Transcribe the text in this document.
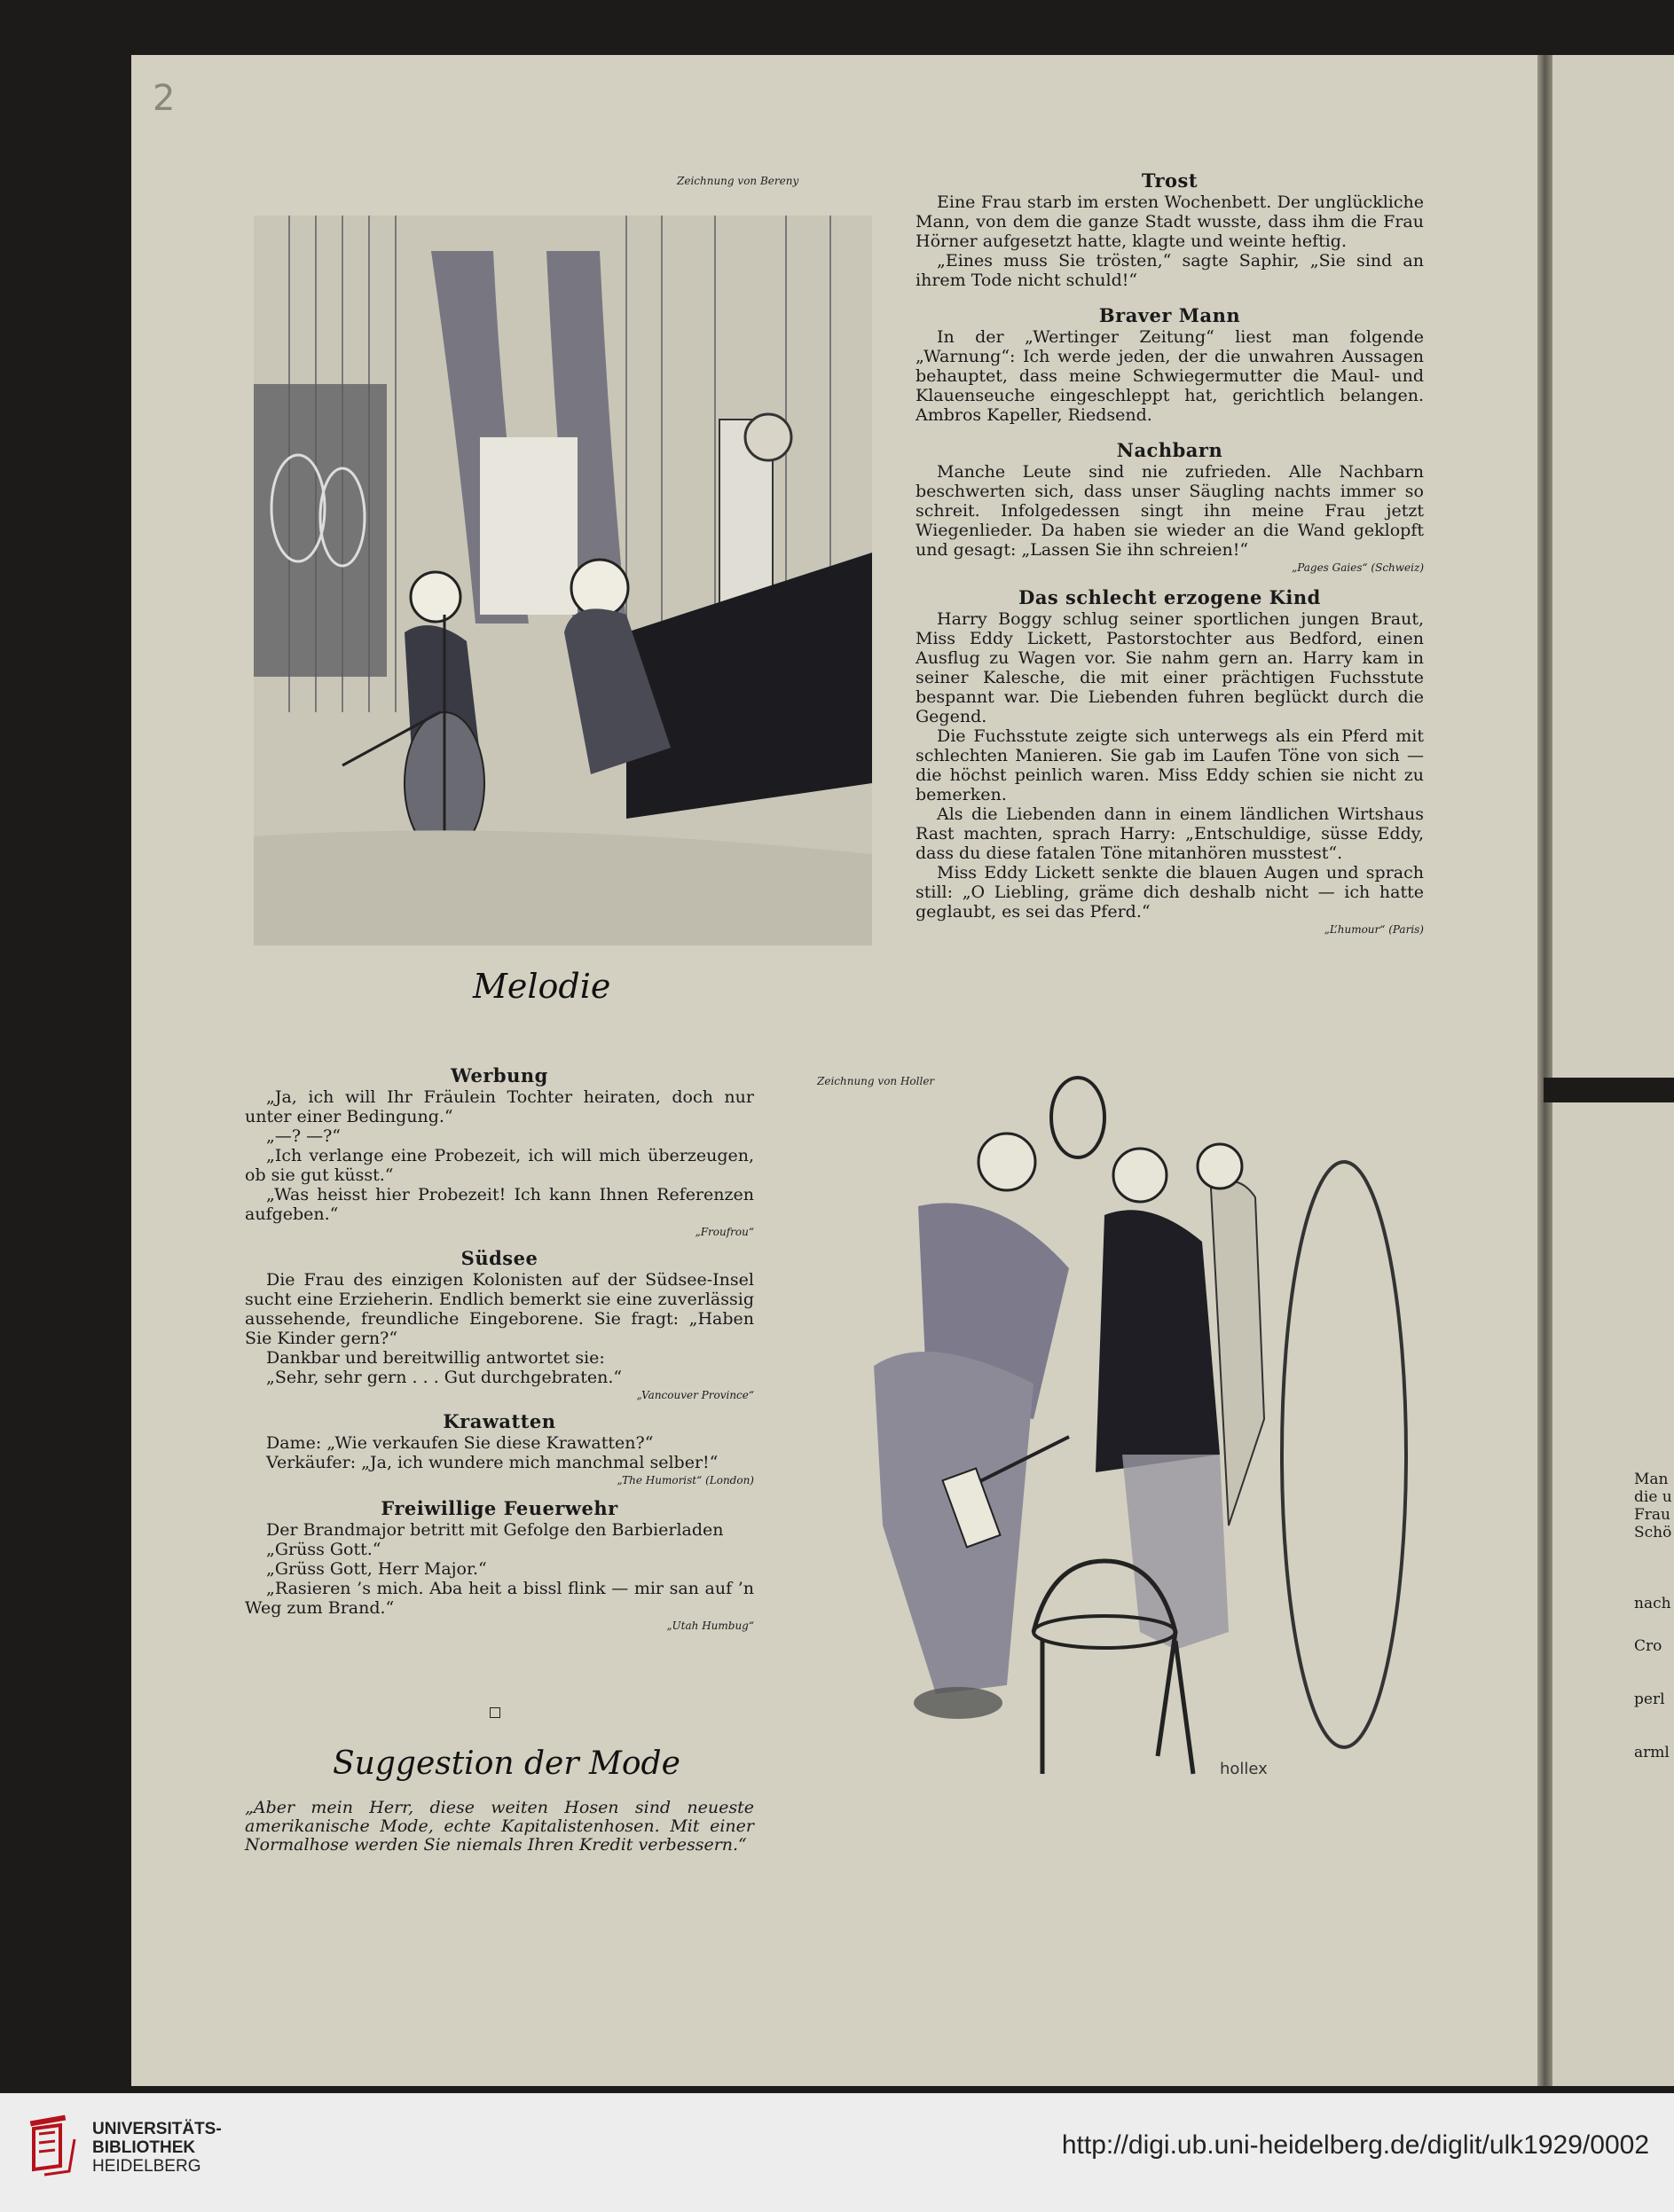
Man
die u
Frau
Schö
nach
Cro
perl
arml
2
Zeichnung von Bereny
Melodie
Trost

Eine Frau starb im ersten Wochenbett. Der unglückliche Mann, von dem die ganze Stadt wusste, dass ihm die Frau Hörner aufgesetzt hatte, klagte und weinte heftig.

„Eines muss Sie trösten,“ sagte Saphir, „Sie sind an ihrem Tode nicht schuld!“

Braver Mann

In der „Wertinger Zeitung“ liest man folgende „Warnung“: Ich werde jeden, der die unwahren Aussagen behauptet, dass meine Schwiegermutter die Maul- und Klauenseuche eingeschleppt hat, gerichtlich belangen. Ambros Kapeller, Riedsend.

Nachbarn

Manche Leute sind nie zufrieden. Alle Nachbarn beschwerten sich, dass unser Säugling nachts immer so schreit. Infolgedessen singt ihn meine Frau jetzt Wiegenlieder. Da haben sie wieder an die Wand geklopft und gesagt: „Lassen Sie ihn schreien!“

„Pages Gaies“ (Schweiz)
Das schlecht erzogene Kind

Harry Boggy schlug seiner sportlichen jungen Braut, Miss Eddy Lickett, Pastorstochter aus Bedford, einen Ausflug zu Wagen vor. Sie nahm gern an. Harry kam in seiner Kalesche, die mit einer prächtigen Fuchsstute bespannt war. Die Liebenden fuhren beglückt durch die Gegend.

Die Fuchsstute zeigte sich unterwegs als ein Pferd mit schlechten Manieren. Sie gab im Laufen Töne von sich — die höchst peinlich waren. Miss Eddy schien sie nicht zu bemerken.

Als die Liebenden dann in einem ländlichen Wirtshaus Rast machten, sprach Harry: „Entschuldige, süsse Eddy, dass du diese fatalen Töne mitanhören musstest“.

Miss Eddy Lickett senkte die blauen Augen und sprach still: „O Liebling, gräme dich deshalb nicht — ich hatte geglaubt, es sei das Pferd.“

„L’humour“ (Paris)
Werbung

„Ja, ich will Ihr Fräulein Tochter heiraten, doch nur unter einer Bedingung.“

„—? —?“

„Ich verlange eine Probezeit, ich will mich überzeugen, ob sie gut küsst.“

„Was heisst hier Probezeit! Ich kann Ihnen Referenzen aufgeben.“

„Froufrou“
Südsee

Die Frau des einzigen Kolonisten auf der Südsee-Insel sucht eine Erzieherin. Endlich bemerkt sie eine zuverlässig aussehende, freundliche Eingeborene. Sie fragt: „Haben Sie Kinder gern?“

Dankbar und bereitwillig antwortet sie:

„Sehr, sehr gern . . . Gut durchgebraten.“

„Vancouver Province“
Krawatten

Dame: „Wie verkaufen Sie diese Krawatten?“

Verkäufer: „Ja, ich wundere mich manchmal selber!“

„The Humorist“ (London)
Freiwillige Feuerwehr

Der Brandmajor betritt mit Gefolge den Barbierladen

„Grüss Gott.“

„Grüss Gott, Herr Major.“

„Rasieren ’s mich. Aba heit a bissl flink — mir san auf ’n Weg zum Brand.“

„Utah Humbug“
Suggestion der Mode
„Aber mein Herr, diese weiten Hosen sind neueste amerikanische Mode, echte Kapitalistenhosen. Mit einer Normalhose werden Sie niemals Ihren Kredit verbessern.“
Zeichnung von Holler
hollex
UNIVERSITÄTS-
BIBLIOTHEK
HEIDELBERG
http://digi.ub.uni-heidelberg.de/diglit/ulk1929/0002
